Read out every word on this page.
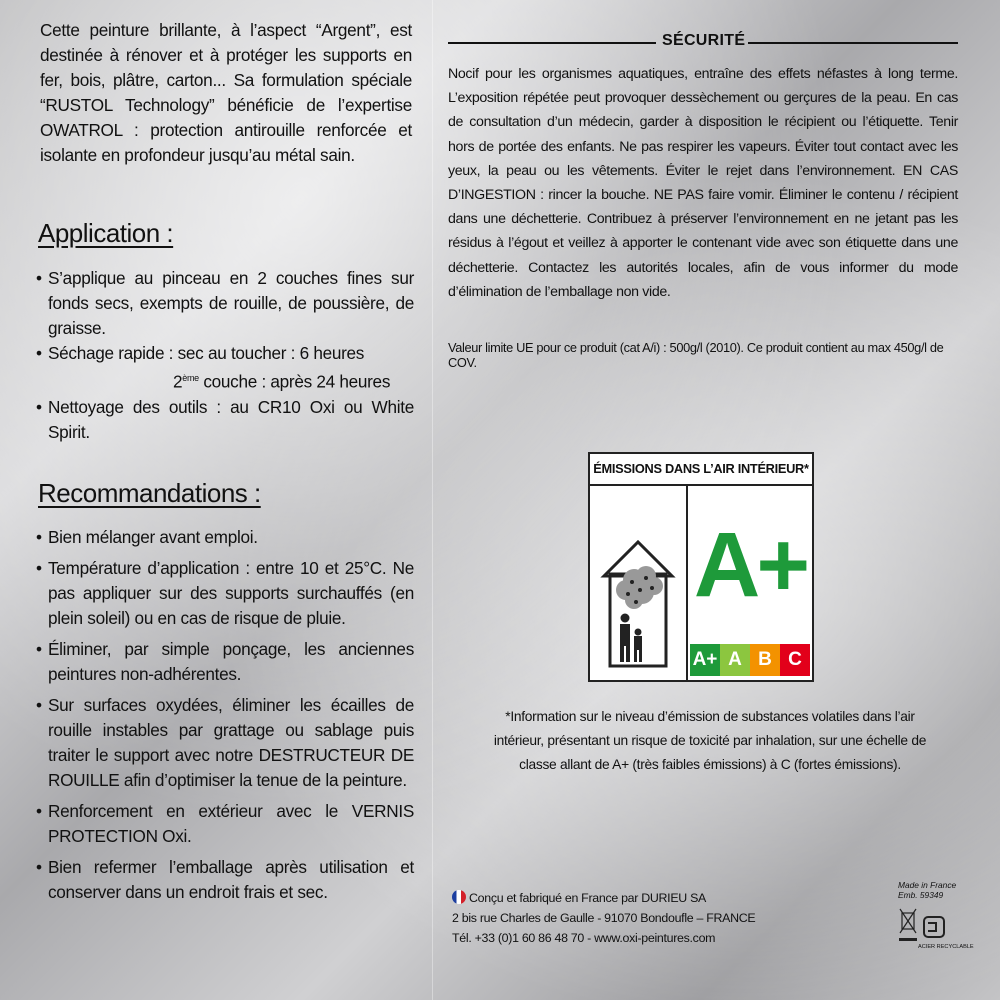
Cette peinture brillante, à l’aspect “Argent”, est destinée à rénover et à protéger les supports en fer, bois, plâtre, carton... Sa formulation spéciale “RUSTOL Technology” bénéficie de l’expertise OWATROL : protection antirouille renforcée et isolante en profondeur jusqu’au métal sain.

Application :
• S’applique au pinceau en 2 couches fines sur fonds secs, exempts de rouille, de poussière, de graisse.
• Séchage rapide : sec au toucher : 6 heures
2ème couche : après 24 heures
• Nettoyage des outils : au CR10 Oxi ou White Spirit.
Recommandations :
• Bien mélanger avant emploi.
• Température d’application : entre 10 et 25°C. Ne pas appliquer sur des supports surchauffés (en plein soleil) ou en cas de risque de pluie.
• Éliminer, par simple ponçage, les anciennes peintures non-adhérentes.
• Sur surfaces oxydées, éliminer les écailles de rouille instables par grattage ou sablage puis traiter le support avec notre DESTRUCTEUR DE ROUILLE afin d’optimiser la tenue de la peinture.
• Renforcement en extérieur avec le VERNIS PROTECTION Oxi.
• Bien refermer l’emballage après utilisation et conserver dans un endroit frais et sec.
SÉCURITÉ

Nocif pour les organismes aquatiques, entraîne des effets néfastes à long terme. L’exposition répétée peut provoquer dessèchement ou gerçures de la peau. En cas de consultation d’un médecin, garder à disposition le récipient ou l’étiquette. Tenir hors de portée des enfants. Ne pas respirer les vapeurs. Éviter tout contact avec les yeux, la peau ou les vêtements. Éviter le rejet dans l’environnement. EN CAS D’INGESTION : rincer la bouche. NE PAS faire vomir. Éliminer le contenu / récipient dans une déchetterie. Contribuez à préserver l’environnement en ne jetant pas les résidus à l’égout et veillez à apporter le contenant vide avec son étiquette dans une déchetterie. Contactez les autorités locales, afin de vous informer du mode d’élimination de l’emballage non vide.

Valeur limite UE pour ce produit (cat A/i) : 500g/l (2010). Ce produit contient au max 450g/l de COV.

ÉMISSIONS DANS L’AIR INTÉRIEUR*
A+
A+ A B C

*Information sur le niveau d’émission de substances volatiles dans l’air intérieur, présentant un risque de toxicité par inhalation, sur une échelle de classe allant de A+ (très faibles émissions) à C (fortes émissions).

Conçu et fabriqué en France par DURIEU SA
2 bis rue Charles de Gaulle - 91070 Bondoufle – FRANCE
Tél. +33 (0)1 60 86 48 70 - www.oxi-peintures.com
Made in France
Emb. 59349
ACIER RECYCLABLE
